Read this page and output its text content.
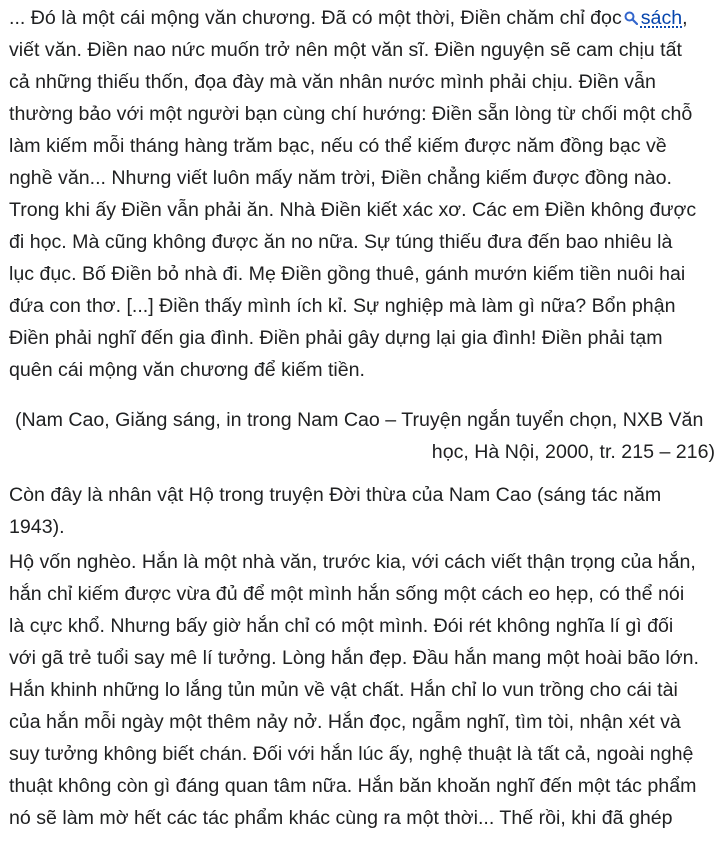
... Đó là một cái mộng văn chương. Đã có một thời, Điền chăm chỉ đọc sách,
viết văn. Điền nao nức muốn trở nên một văn sĩ. Điền nguyện sẽ cam chịu tất
cả những thiếu thốn, đọa đày mà văn nhân nước mình phải chịu. Điền vẫn
thường bảo với một người bạn cùng chí hướng: Điền sẵn lòng từ chối một chỗ
làm kiếm mỗi tháng hàng trăm bạc, nếu có thể kiếm được năm đồng bạc về
nghề văn... Nhưng viết luôn mấy năm trời, Điền chẳng kiếm được đồng nào.
Trong khi ấy Điền vẫn phải ăn. Nhà Điền kiết xác xơ. Các em Điền không được
đi học. Mà cũng không được ăn no nữa. Sự túng thiếu đưa đến bao nhiêu là
lục đục. Bố Điền bỏ nhà đi. Mẹ Điền gồng thuê, gánh mướn kiếm tiền nuôi hai
đứa con thơ. [...] Điền thấy mình ích kỉ. Sự nghiệp mà làm gì nữa? Bổn phận
Điền phải nghĩ đến gia đình. Điền phải gây dựng lại gia đình! Điền phải tạm
quên cái mộng văn chương để kiếm tiền.
(Nam Cao, Giăng sáng, in trong Nam Cao – Truyện ngắn tuyển chọn, NXB Văn
học, Hà Nội, 2000, tr. 215 – 216)
Còn đây là nhân vật Hộ trong truyện Đời thừa của Nam Cao (sáng tác năm
1943).
Hộ vốn nghèo. Hắn là một nhà văn, trước kia, với cách viết thận trọng của hắn,
hắn chỉ kiếm được vừa đủ để một mình hắn sống một cách eo hẹp, có thể nói
là cực khổ. Nhưng bấy giờ hắn chỉ có một mình. Đói rét không nghĩa lí gì đối
với gã trẻ tuổi say mê lí tưởng. Lòng hắn đẹp. Đầu hắn mang một hoài bão lớn.
Hắn khinh những lo lắng tủn mủn về vật chất. Hắn chỉ lo vun trồng cho cái tài
của hắn mỗi ngày một thêm nảy nở. Hắn đọc, ngẫm nghĩ, tìm tòi, nhận xét và
suy tưởng không biết chán. Đối với hắn lúc ấy, nghệ thuật là tất cả, ngoài nghệ
thuật không còn gì đáng quan tâm nữa. Hắn băn khoăn nghĩ đến một tác phẩm
nó sẽ làm mờ hết các tác phẩm khác cùng ra một thời... Thế rồi, khi đã ghép
